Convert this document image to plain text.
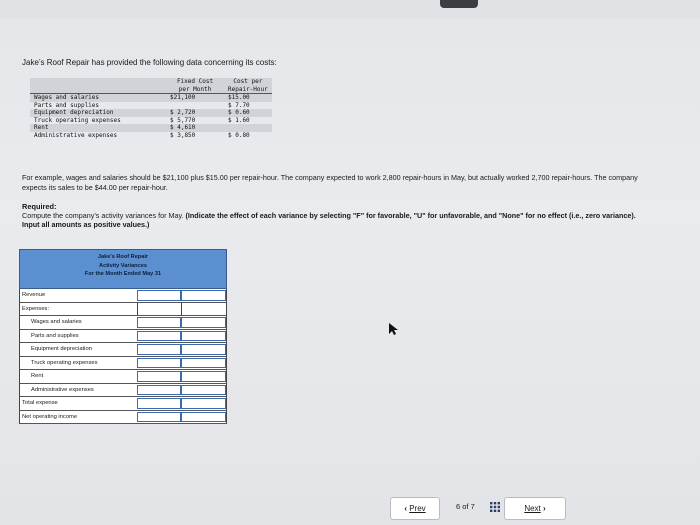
Jake’s Roof Repair has provided the following data concerning its costs:
	Fixed Cost	Cost per
	per Month	Repair-Hour
Wages and salaries	$21,100	$15.00
Parts and supplies		$ 7.70
Equipment depreciation	$ 2,720	$ 0.60
Truck operating expenses	$ 5,770	$ 1.60
Rent	$ 4,610	
Administrative expenses	$ 3,850	$ 0.80
For example, wages and salaries should be $21,100 plus $15.00 per repair-hour. The company expected to work 2,800 repair-hours in May, but actually worked 2,700 repair-hours. The company expects its sales to be $44.00 per repair-hour.
Required:
Compute the company’s activity variances for May. (Indicate the effect of each variance by selecting "F" for favorable, "U" for unfavorable, and "None" for no effect (i.e., zero variance). Input all amounts as positive values.)
Jake's Roof Repair
Activity Variances
For the Month Ended May 31
Revenue
Expenses:
Wages and salaries
Parts and supplies
Equipment depreciation
Truck operating expenses
Rent
Administrative expenses
Total expense
Net operating income
‹ Prev	6 of 7	Next ›
